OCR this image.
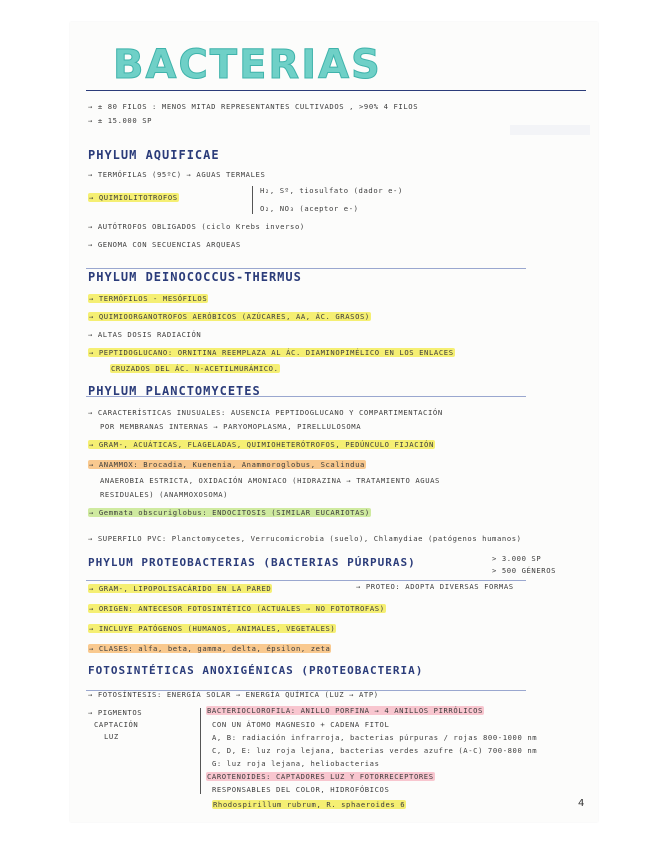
BACTERIAS
→ ± 80 FILOS : MENOS MITAD REPRESENTANTES CULTIVADOS , >90% 4 FILOS
→ ± 15.000 SP
PHYLUM AQUIFICAE
→ TERMÓFILAS (95ºC) → AGUAS TERMALES
→ QUIMIOLITOTROFOS
H₂, Sº, tiosulfato (dador e-)
O₂, NO₃ (aceptor e-)
→ AUTÓTROFOS OBLIGADOS (ciclo Krebs inverso)
→ GENOMA CON SECUENCIAS ARQUEAS
PHYLUM DEINOCOCCUS-THERMUS
→ TERMÓFILOS - MESÓFILOS
→ QUIMIOORGANOTROFOS AERÓBICOS (AZÚCARES, AA, ÁC. GRASOS)
→ ALTAS DOSIS RADIACIÓN
→ PEPTIDOGLUCANO: ORNITINA REEMPLAZA AL ÁC. DIAMINOPIMÉLICO EN LOS ENLACES
CRUZADOS DEL ÁC. N-ACETILMURÁMICO.
PHYLUM PLANCTOMYCETES
→ CARACTERÍSTICAS INUSUALES: AUSENCIA PEPTIDOGLUCANO Y COMPARTIMENTACIÓN
POR MEMBRANAS INTERNAS → PARYOMOPLASMA, PIRELLULOSOMA
→ GRAM-, ACUÁTICAS, FLAGELADAS, QUIMIOHETERÓTROFOS, PEDÚNCULO FIJACIÓN
→ ANAMMOX: Brocadia, Kuenenia, Anammoroglobus, Scalindua
ANAEROBIA ESTRICTA, OXIDACIÓN AMONIACO (HIDRAZINA → TRATAMIENTO AGUAS
RESIDUALES) (ANAMMOXOSOMA)
→ Gemmata obscuriglobus: ENDOCITOSIS (SIMILAR EUCARIOTAS)
→ SUPERFILO PVC: Planctomycetes, Verrucomicrobia (suelo), Chlamydiae (patógenos humanos)
PHYLUM PROTEOBACTERIAS (BACTERIAS PÚRPURAS)	> 3.000 SP
> 500 GÉNEROS
→ GRAM-, LIPOPOLISACÁRIDO EN LA PARED	→ PROTEO: ADOPTA DIVERSAS FORMAS
→ ORIGEN: ANTECESOR FOTOSINTÉTICO (ACTUALES → NO FOTOTROFAS)
→ INCLUYE PATÓGENOS (HUMANOS, ANIMALES, VEGETALES)
→ CLASES: alfa, beta, gamma, delta, épsilon, zeta
FOTOSINTÉTICAS ANOXIGÉNICAS (PROTEOBACTERIA)
→ FOTOSÍNTESIS: ENERGÍA SOLAR → ENERGÍA QUÍMICA (LUZ → ATP)
→ PIGMENTOS
CAPTACIÓN
LUZ
BACTERIOCLOROFILA: ANILLO PORFINA → 4 ANILLOS PIRRÓLICOS
CON UN ÁTOMO MAGNESIO + CADENA FITOL
A, B: radiación infrarroja, bacterias púrpuras / rojas 800-1000 nm
C, D, E: luz roja lejana, bacterias verdes azufre (A-C) 700-800 nm
G: luz roja lejana, heliobacterias
CAROTENOIDES: CAPTADORES LUZ Y FOTORRECEPTORES
RESPONSABLES DEL COLOR, HIDROFÓBICOS
Rhodospirillum rubrum, R. sphaeroides 6	4
